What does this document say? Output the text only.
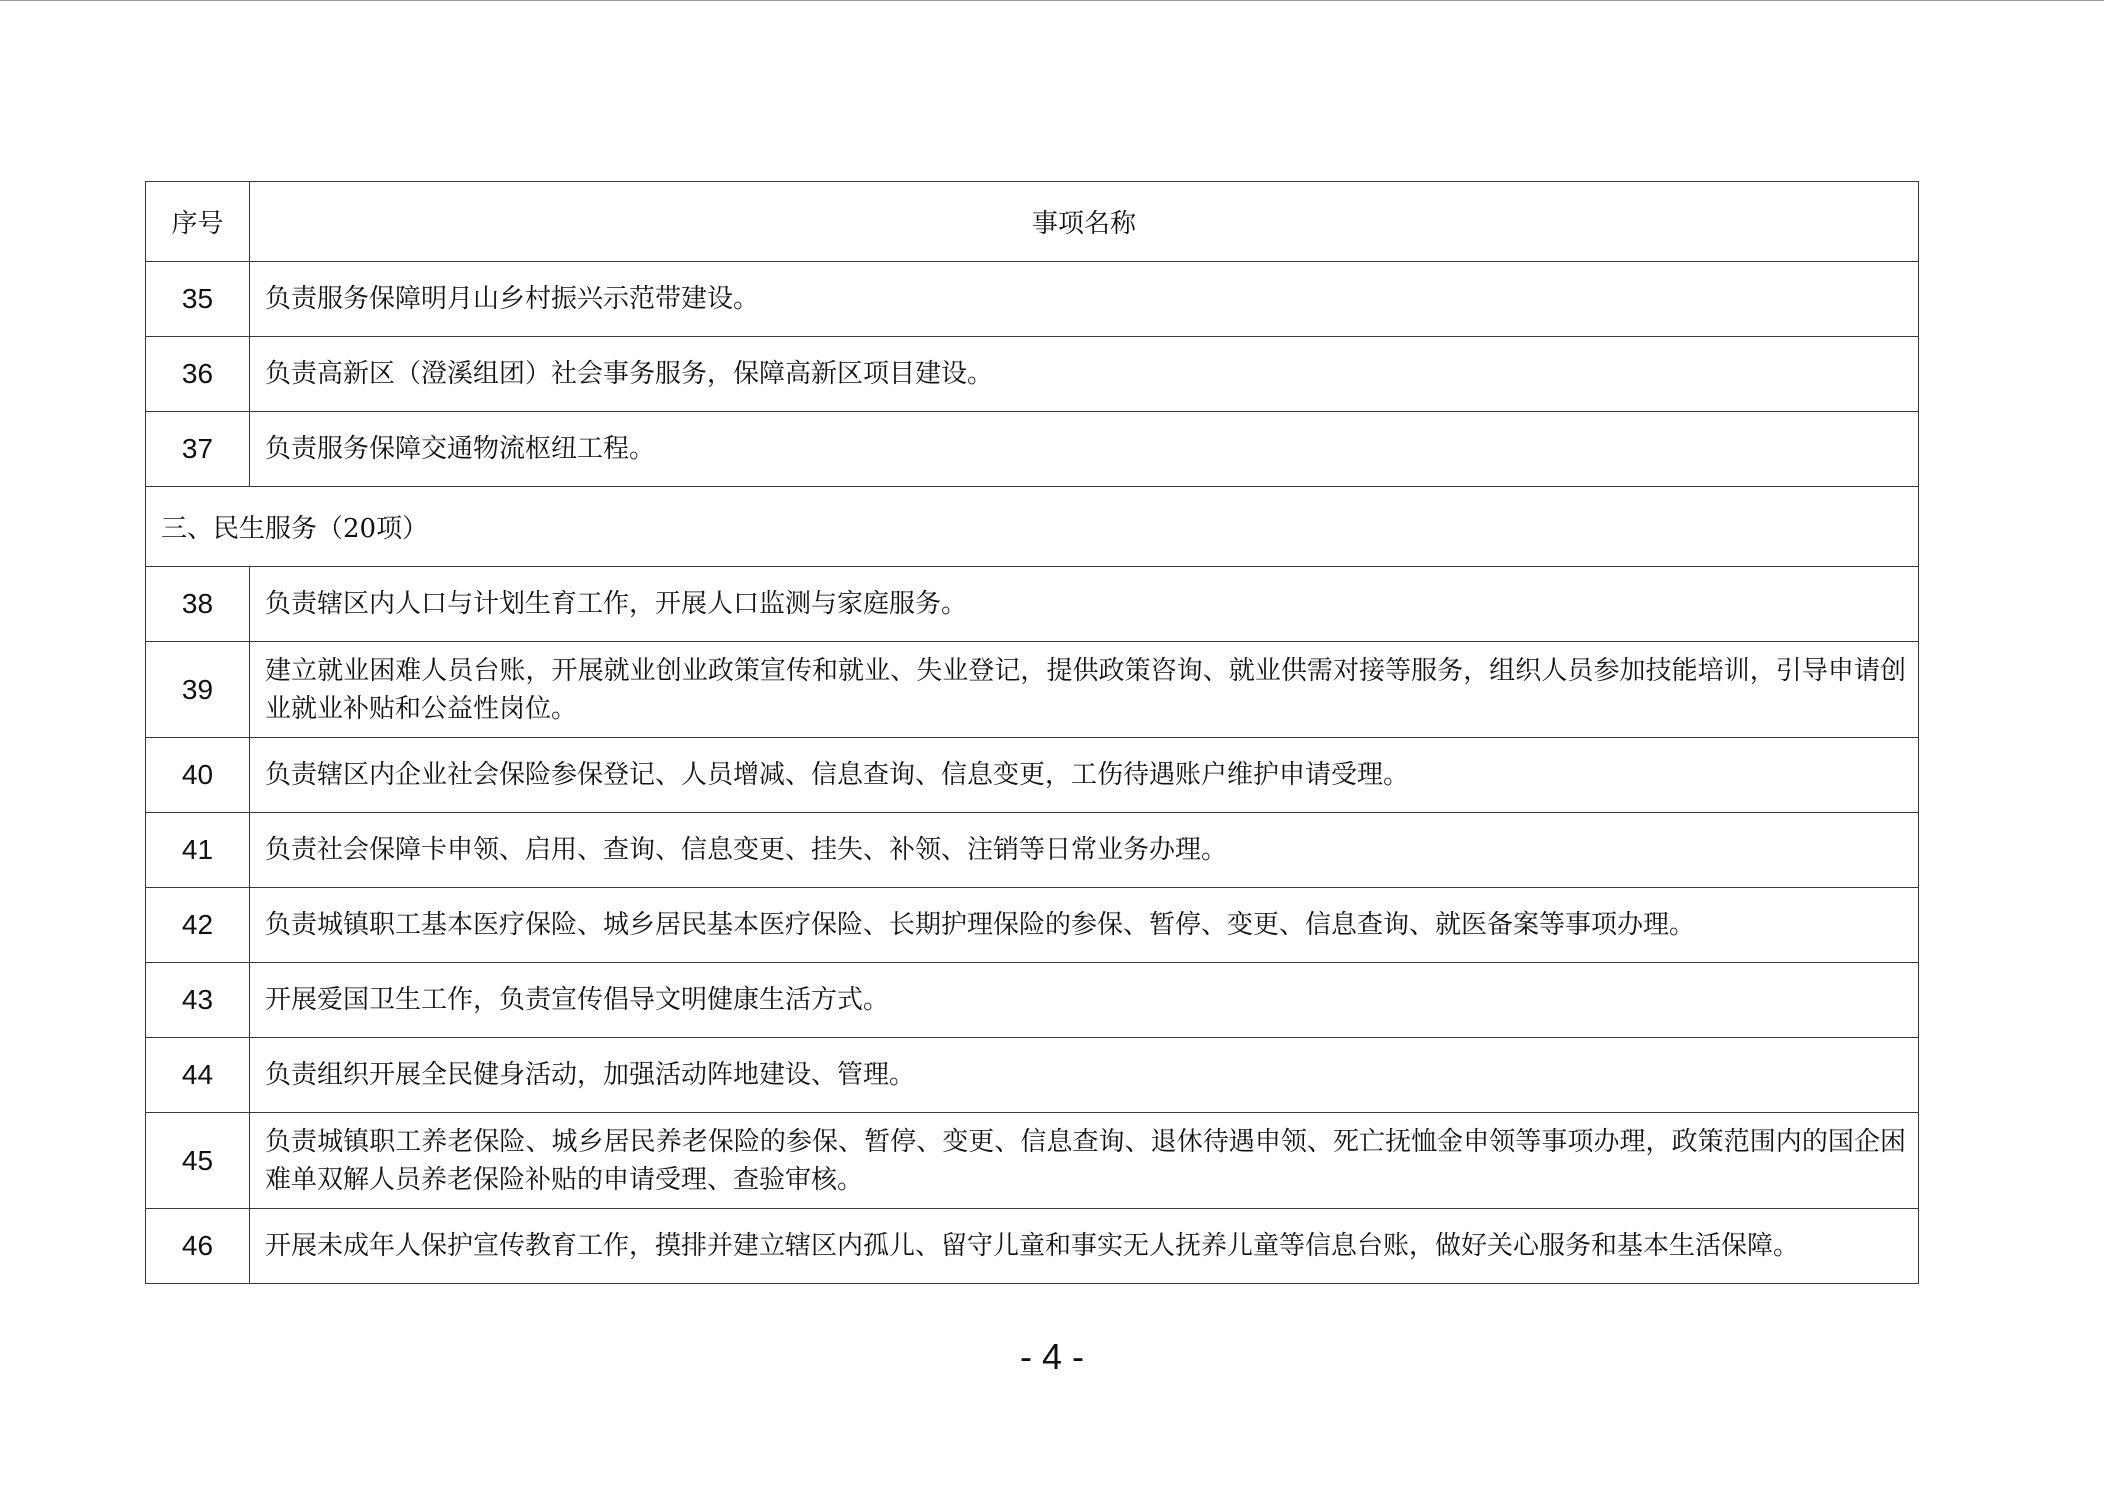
序号	事项名称
35	负责服务保障明月山乡村振兴示范带建设。
36	负责高新区（澄溪组团）社会事务服务，保障高新区项目建设。
37	负责服务保障交通物流枢纽工程。
三、民生服务（20项）	
38	负责辖区内人口与计划生育工作，开展人口监测与家庭服务。
39	建立就业困难人员台账，开展就业创业政策宣传和就业、失业登记，提供政策咨询、就业供需对接等服务，组织人员参加技能培训，引导申请创业就业补贴和公益性岗位。
40	负责辖区内企业社会保险参保登记、人员增减、信息查询、信息变更，工伤待遇账户维护申请受理。
41	负责社会保障卡申领、启用、查询、信息变更、挂失、补领、注销等日常业务办理。
42	负责城镇职工基本医疗保险、城乡居民基本医疗保险、长期护理保险的参保、暂停、变更、信息查询、就医备案等事项办理。
43	开展爱国卫生工作，负责宣传倡导文明健康生活方式。
44	负责组织开展全民健身活动，加强活动阵地建设、管理。
45	负责城镇职工养老保险、城乡居民养老保险的参保、暂停、变更、信息查询、退休待遇申领、死亡抚恤金申领等事项办理，政策范围内的国企困难单双解人员养老保险补贴的申请受理、查验审核。
46	开展未成年人保护宣传教育工作，摸排并建立辖区内孤儿、留守儿童和事实无人抚养儿童等信息台账，做好关心服务和基本生活保障。
- 4 -
